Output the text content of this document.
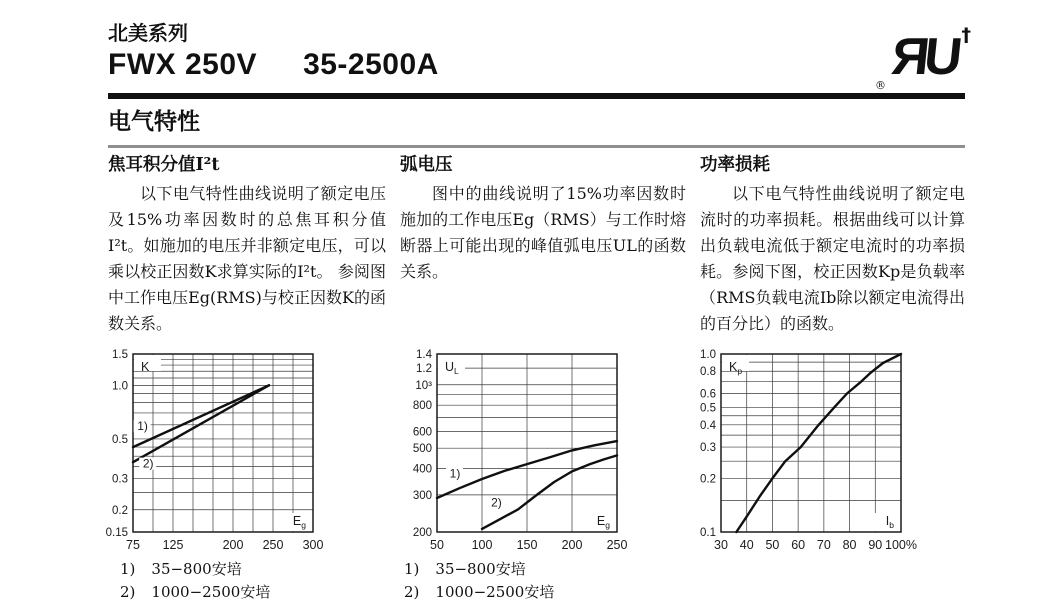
北美系列
FWX 250V 35-2500A
® ЯU †
电气特性

焦耳积分值I²t

以下电气特性曲线说明了额定电压及15%功率因数时的总焦耳积分值I²t。如施加的电压并非额定电压，可以乘以校正因数K求算实际的I²t。 参阅图中工作电压Eg(RMS)与校正因数K的函数关系。

弧电压

图中的曲线说明了15%功率因数时施加的工作电压Eg（RMS）与工作时熔断器上可能出现的峰值弧电压UL的函数关系。

功率损耗

以下电气特性曲线说明了额定电流时的功率损耗。根据曲线可以计算出负载电流低于额定电流时的功率损耗。参阅下图，校正因数Kp是负载率（RMS负载电流Ib除以额定电流得出的百分比）的函数。

1.5
1.0
0.5
0.3
0.2
0.15
75 125	200 250 300
1)
2)
K
$E_g$
1) 35−800安培
2) 1000−2500安培
1.4
1.2
10³
800
600
500
400
300
200
50 100 150 200 250
1)
2)
$U_L$
$E_g$
1) 35−800安培
2) 1000−2500安培
1.0
0.8
0.6
0.5
0.4
0.3
0.2
0.1
30 40 50 60 70 80 90 100%
$K_p$
$I_b$
